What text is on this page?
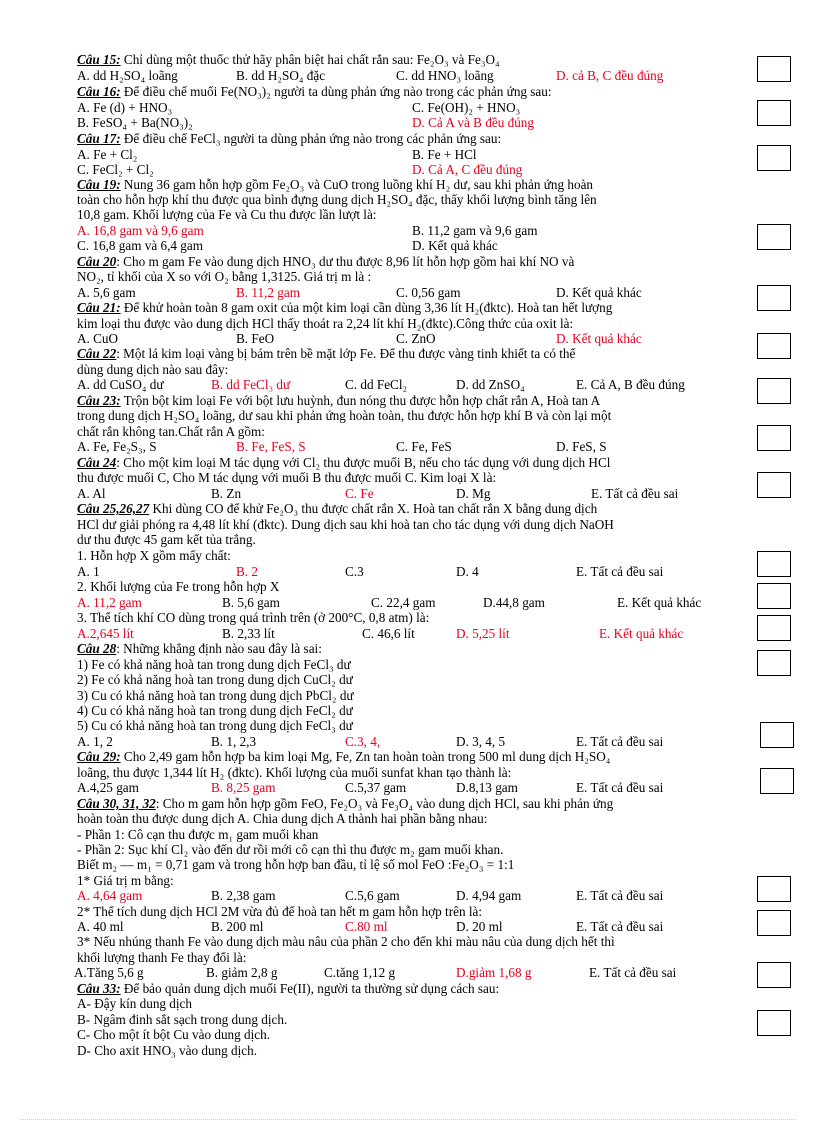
Câu 15: Chỉ dùng một thuốc thử hãy phân biệt hai chất rắn sau: Fe₂O₃ và Fe₃O₄
A. dd H₂SO₄ loãng	B. dd H₂SO₄ đặc	C. dd HNO₃ loãng	D. cả B, C đều đúng
Câu 16: Để điều chế muối Fe(NO₃)₂ người ta dùng phản ứng nào trong các phản ứng sau:
A. Fe (d) + HNO₃	C. Fe(OH)₂ + HNO₃
B. FeSO₄ + Ba(NO₃)₂	D. Cả A và B đều đúng
Câu 17: Để điều chế FeCl₃ người ta dùng phản ứng nào trong các phản ứng sau:
A. Fe + Cl₂	B. Fe + HCl
C. FeCl₂ + Cl₂	D. Cả A, C đều đúng
Câu 19: Nung 36 gam hỗn hợp gồm Fe₂O₃ và CuO trong luồng khí H₂ dư, sau khi phản ứng hoàn
toàn cho hỗn hợp khí thu được qua bình đựng dung dịch H₂SO₄ đặc, thấy khối lượng bình tăng lên
10,8 gam. Khối lượng của Fe và Cu thu được lần lượt là:
A. 16,8 gam và 9,6 gam	B. 11,2 gam và 9,6 gam
C. 16,8 gam và 6,4 gam	D. Kết quả khác
Câu 20: Cho m gam Fe vào dung dịch HNO₃ dư thu được 8,96 lít hỗn hợp gồm hai khí NO và
NO₂, tỉ khối của X so với O₂ bằng 1,3125. Giá trị m là :
A. 5,6 gam	B. 11,2 gam	C. 0,56 gam	D. Kết quả khác
Câu 21: Để khử hoàn toàn 8 gam oxit của một kim loại cần dùng 3,36 lít H₂(đktc). Hoà tan hết lượng
kim loại thu được vào dung dịch HCl thấy thoát ra 2,24 lít khí H₂(đktc).Công thức của oxit là:
A. CuO	B. FeO	C. ZnO	D. Kết quả khác
Câu 22: Một lá kim loại vàng bị bám trên bề mặt lớp Fe. Để thu được vàng tinh khiết ta có thể
dùng dung dịch nào sau đây:
A. dd CuSO₄ dư	B. dd FeCl₃ dư	C. dd FeCl₂	D. dd ZnSO₄	E. Cả A, B đều đúng
Câu 23: Trộn bột kim loại Fe với bột lưu huỳnh, đun nóng thu được hỗn hợp chất rắn A, Hoà tan A
trong dung dịch H₂SO₄ loãng, dư sau khi phản ứng hoàn toàn, thu được hỗn hợp khí B và còn lại một
chất rắn không tan.Chất rắn A gồm:
A. Fe, Fe₂S₃, S	B. Fe, FeS, S	C. Fe, FeS	D. FeS, S
Câu 24: Cho một kim loại M tác dụng với Cl₂ thu được muối B, nếu cho tác dụng với dung dịch HCl
thu được muối C, Cho M tác dụng với muối B thu được muối C. Kim loại X là:
A. Al	B. Zn	C. Fe	D. Mg	E. Tất cả đều sai
Câu 25,26,27 Khi dùng CO để khử Fe₂O₃ thu được chất rắn X. Hoà tan chất rắn X bằng dung dịch
HCl dư giải phóng ra 4,48 lít khí (đktc). Dung dịch sau khi hoà tan cho tác dụng với dung dịch NaOH
dư thu được 45 gam kết tủa trắng.
1. Hỗn hợp X gồm mấy chất:
A. 1	B. 2	C.3	D. 4	E. Tất cả đều sai
2. Khối lượng của Fe trong hỗn hợp X
A. 11,2 gam	B. 5,6 gam	C. 22,4 gam	D.44,8 gam	E. Kết quả khác
3. Thể tích khí CO dùng trong quá trình trên (ở 200°C, 0,8 atm) là:
A.2,645 lít	B. 2,33 lít	C. 46,6 lít	D. 5,25 lít	E. Kết quả khác
Câu 28: Những khẳng định nào sau đây là sai:
1) Fe có khả năng hoà tan trong dung dịch FeCl₃ dư
2) Fe có khả năng hoà tan trong dung dịch CuCl₂ dư
3) Cu có khả năng hoà tan trong dung dịch PbCl₂ dư
4) Cu có khả năng hoà tan trong dung dịch FeCl₂ dư
5) Cu có khả năng hoà tan trong dung dịch FeCl₃ dư
A. 1, 2	B. 1, 2,3	C.3, 4,	D. 3, 4, 5	E. Tất cả đều sai
Câu 29: Cho 2,49 gam hỗn hợp ba kim loại Mg, Fe, Zn tan hoàn toàn trong 500 ml dung dịch H₂SO₄
loãng, thu được 1,344 lít H₂ (đktc). Khối lượng của muối sunfat khan tạo thành là:
A.4,25 gam	B. 8,25 gam	C.5,37 gam	D.8,13 gam	E. Tất cả đều sai
Câu 30, 31, 32: Cho m gam hỗn hợp gồm FeO, Fe₂O₃ và Fe₃O₄ vào dung dịch HCl, sau khi phản ứng
hoàn toàn thu được dung dịch A. Chia dung dịch A thành hai phần bằng nhau:
- Phần 1: Cô cạn thu được m₁ gam muối khan
- Phần 2: Sục khí Cl₂ vào đến dư rồi mới cô cạn thì thu được m₂ gam muối khan.
Biết m₂ — m₁ = 0,71 gam và trong hỗn hợp ban đầu, tỉ lệ số mol FeO :Fe₂O₃ = 1:1
1* Giá trị m bằng:
A. 4,64 gam	B. 2,38 gam	C.5,6 gam	D. 4,94 gam	E. Tất cả đều sai
2* Thể tích dung dịch HCl 2M vừa đủ để hoà tan hết m gam hỗn hợp trên là:
A. 40 ml	B. 200 ml	C.80 ml	D. 20 ml	E. Tất cả đều sai
3* Nếu nhúng thanh Fe vào dung dịch màu nâu của phần 2 cho đến khi màu nâu của dung dịch hết thì
khối lượng thanh Fe thay đổi là:
A.Tăng 5,6 g	B. giảm 2,8 g	C.tăng 1,12 g	D.giảm 1,68 g	E. Tất cả đều sai
Câu 33: Để bảo quản dung dịch muối Fe(II), người ta thường sử dụng cách sau:
A- Đậy kín dung dịch
B- Ngâm đinh sắt sạch trong dung dịch.
C- Cho một ít bột Cu vào dung dịch.
D- Cho axit HNO₃ vào dung dịch.
